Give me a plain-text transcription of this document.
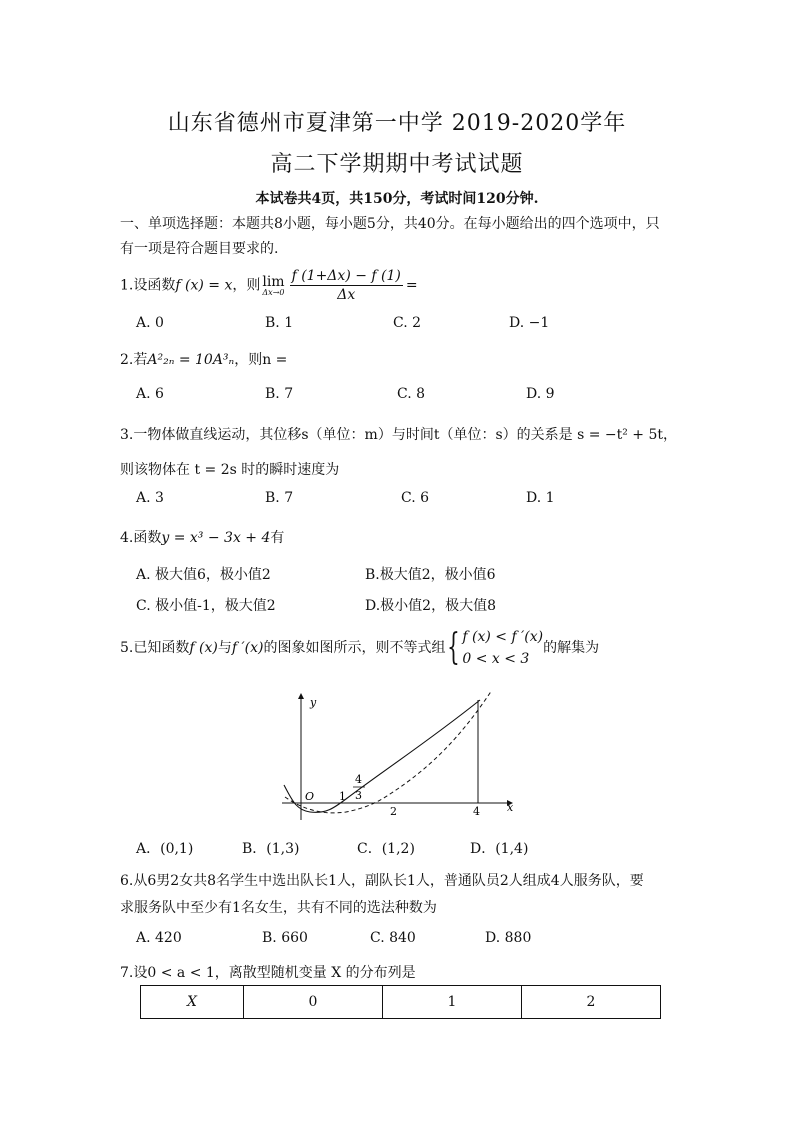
山东省德州市夏津第一中学 2019-2020学年
高二下学期期中考试试题
本试卷共4页，共150分，考试时间120分钟.
一、单项选择题：本题共8小题，每小题5分，共40分。在每小题给出的四个选项中，只
有一项是符合题目要求的.
1.设函数f (x) = x，则 lim
$\Delta x\to 0 \frac{f (1+\Delta x) - f (1)}{\Delta x}$ =
A. 0	B. 1	C. 2	D. −1
2.若A²₂ₙ = 10A³ₙ，则n =
A. 6	B. 7	C. 8	D. 9
3.一物体做直线运动，其位移s（单位：m）与时间t（单位：s）的关系是 s = −t² + 5t，
则该物体在 t = 2s 时的瞬时速度为
A. 3	B. 7	C. 6	D. 1
4.函数y = x³ − 3x + 4有
A. 极大值6，极小值2	B.极大值2，极小值6
C. 极小值-1，极大值2	D.极小值2，极大值8
5.已知函数f (x)与f ′(x)的图象如图所示，则不等式组{ f (x) < f ′(x)
0 < x < 3
的解集为
y
x
O 1
2	4
4
3
A．(0,1)	B．(1,3)	C．(1,2)	D．(1,4)
6.从6男2女共8名学生中选出队长1人，副队长1人，普通队员2人组成4人服务队，要
求服务队中至少有1名女生，共有不同的选法种数为
A. 420	B. 660	C. 840	D. 880
7.设0 < a < 1，离散型随机变量 X 的分布列是
X	0	1	2
